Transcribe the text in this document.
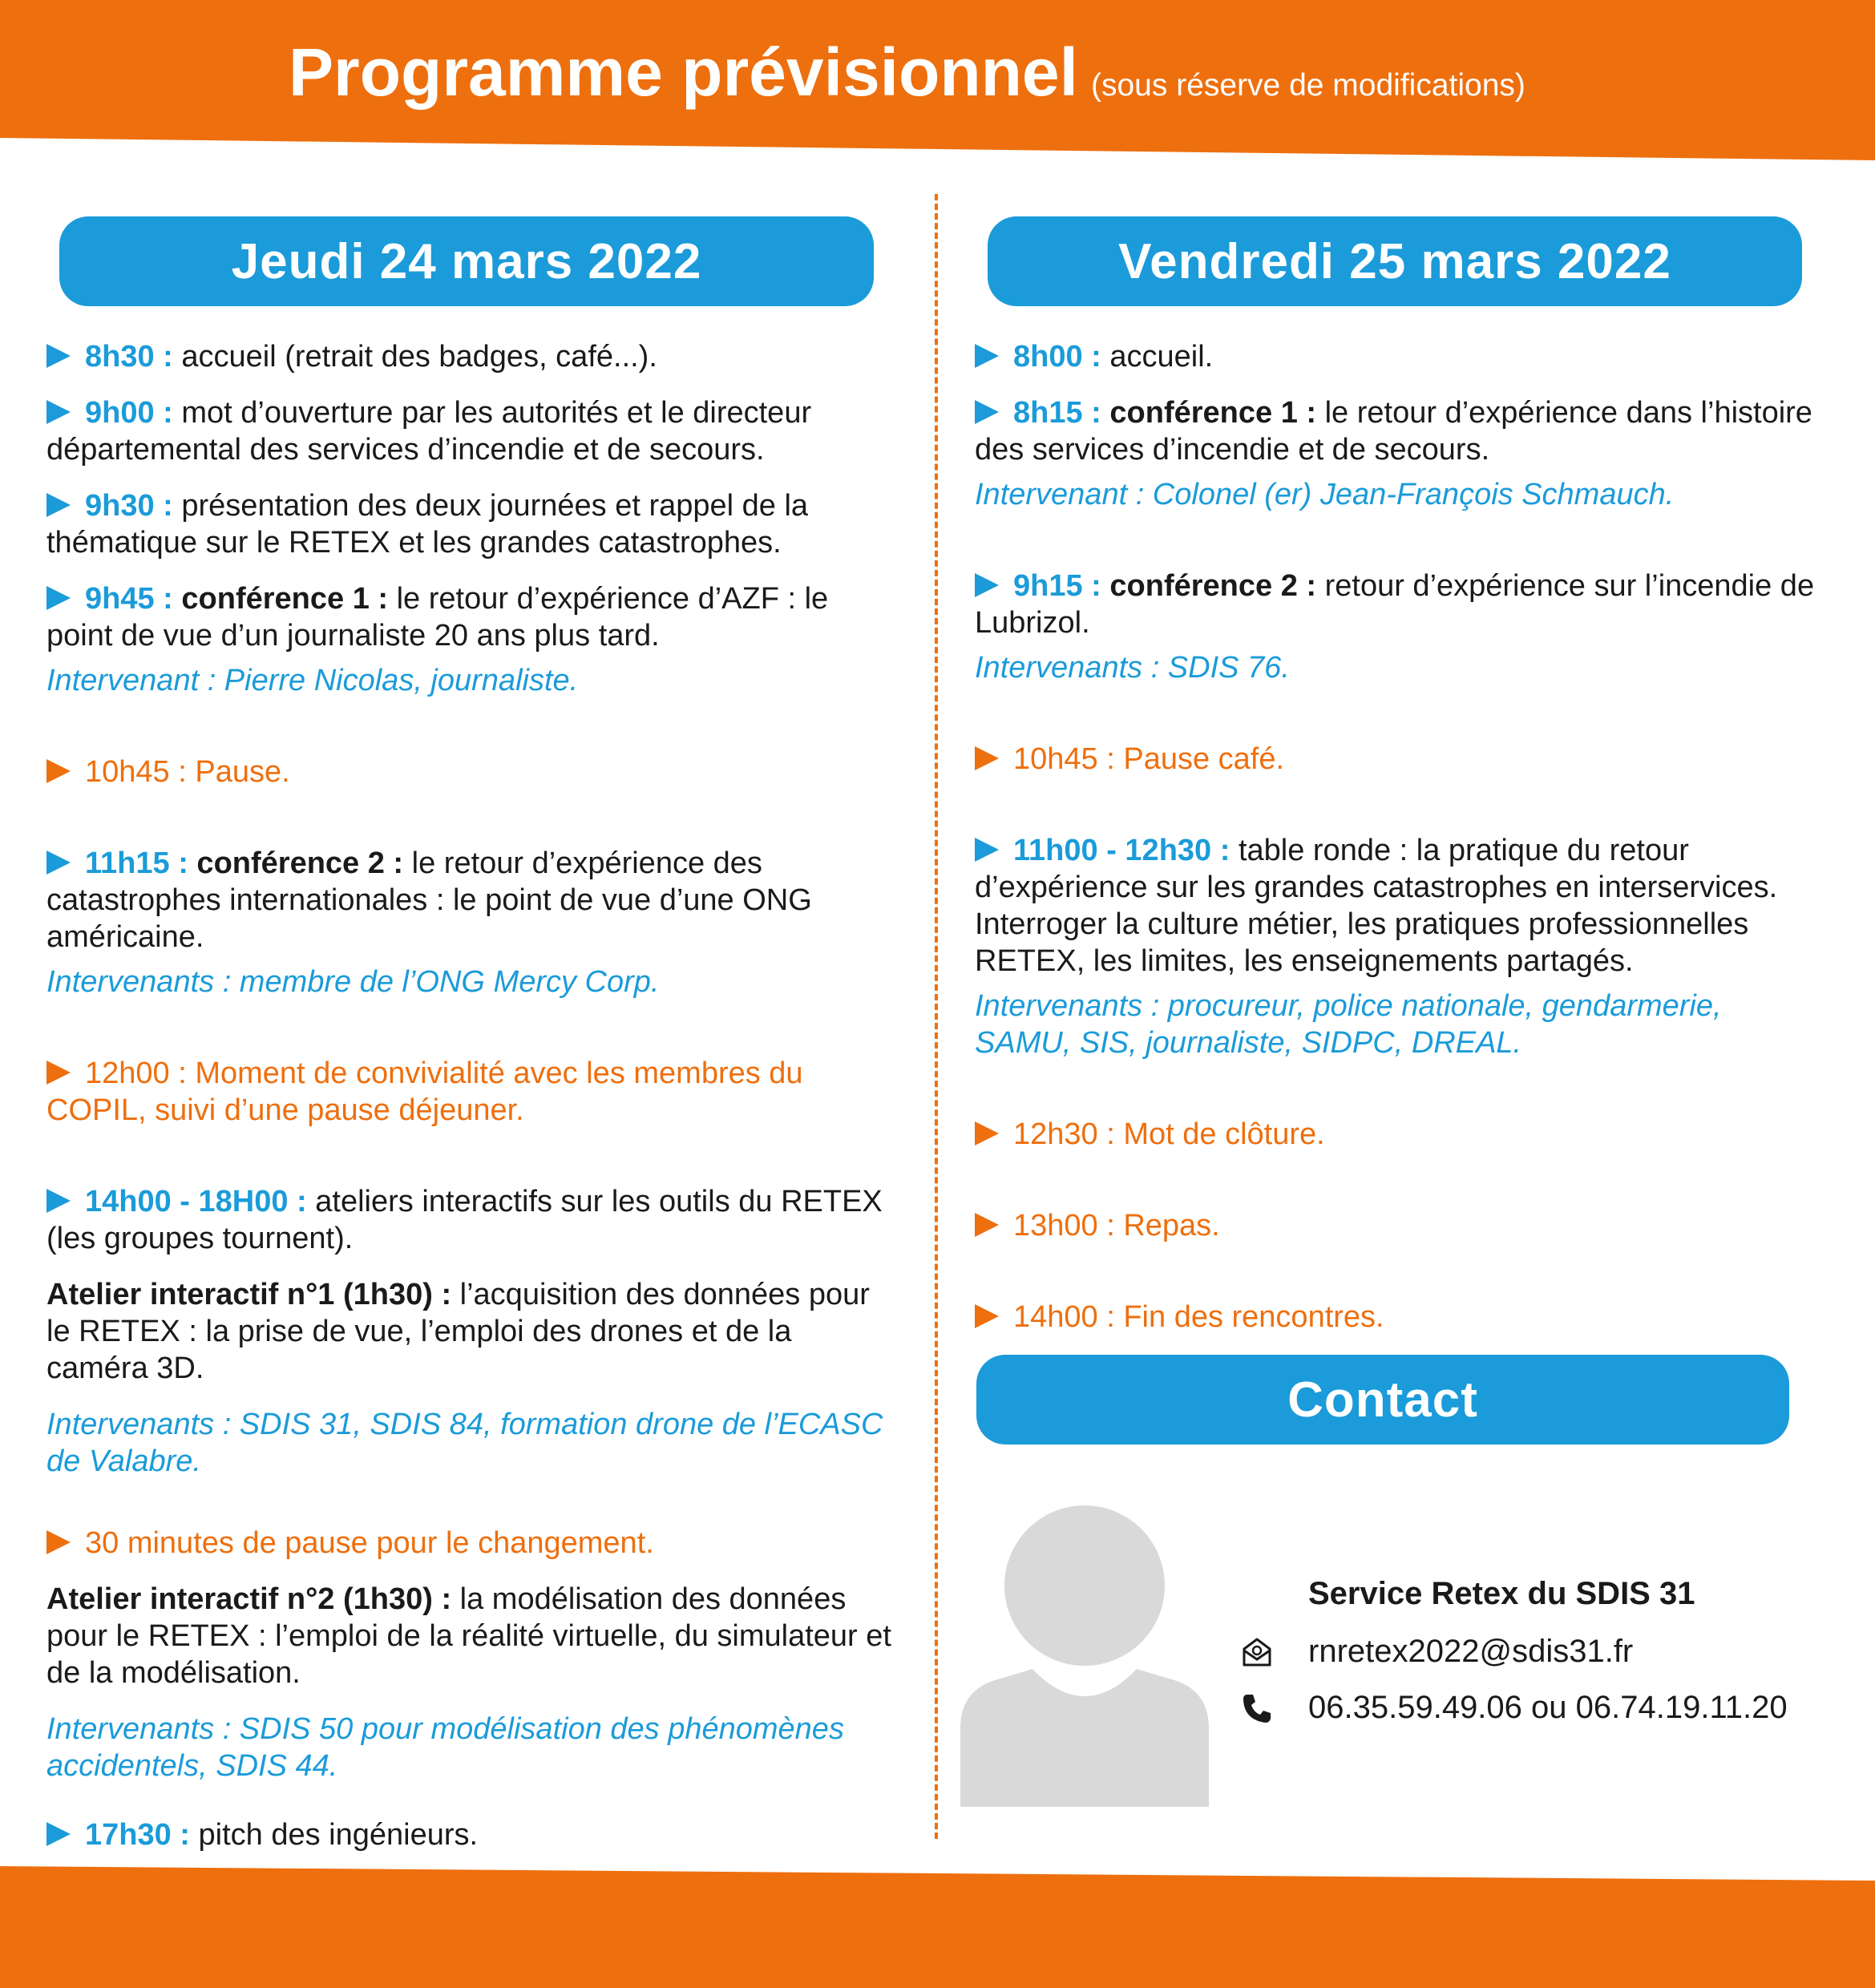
Programme prévisionnel (sous réserve de modifications)
Jeudi 24 mars 2022

8h30 : accueil (retrait des badges, café...).

9h00 : mot d’ouverture par les autorités et le directeur départemental des services d’incendie et de secours.

9h30 : présentation des deux journées et rappel de la thématique sur le RETEX et les grandes catastrophes.

9h45 : conférence 1 : le retour d’expérience d’AZF : le point de vue d’un journaliste 20 ans plus tard.

Intervenant : Pierre Nicolas, journaliste.

10h45 : Pause.

11h15 : conférence 2 : le retour d’expérience des catastrophes internationales : le point de vue d’une ONG américaine.

Intervenants : membre de l’ONG Mercy Corp.

12h00 : Moment de convivialité avec les membres du COPIL, suivi d’une pause déjeuner.

14h00 - 18H00 : ateliers interactifs sur les outils du RETEX (les groupes tournent).

Atelier interactif n°1 (1h30) : l’acquisition des données pour le RETEX : la prise de vue, l’emploi des drones et de la caméra 3D.

Intervenants : SDIS 31, SDIS 84, formation drone de l’ECASC de Valabre.

30 minutes de pause pour le changement.

Atelier interactif n°2 (1h30) : la modélisation des données pour le RETEX : l’emploi de la réalité virtuelle, du simulateur et de la modélisation.

Intervenants : SDIS 50 pour modélisation des phénomènes accidentels, SDIS 44.

17h30 : pitch des ingénieurs.

Vendredi 25 mars 2022

8h00 : accueil.

8h15 : conférence 1 : le retour d’expérience dans l’histoire des services d’incendie et de secours.

Intervenant : Colonel (er) Jean-François Schmauch.

9h15 : conférence 2 : retour d’expérience sur l’incendie de Lubrizol.

Intervenants : SDIS 76.

10h45 : Pause café.

11h00 - 12h30 : table ronde : la pratique du retour d’expérience sur les grandes catastrophes en interservices. Interroger la culture métier, les pratiques professionnelles RETEX, les limites, les enseignements partagés.

Intervenants : procureur, police nationale, gendarmerie, SAMU, SIS, journaliste, SIDPC, DREAL.

12h30 : Mot de clôture.

13h00 : Repas.

14h00 : Fin des rencontres.

Contact
Service Retex du SDIS 31
rnretex2022@sdis31.fr
06.35.59.49.06 ou 06.74.19.11.20
